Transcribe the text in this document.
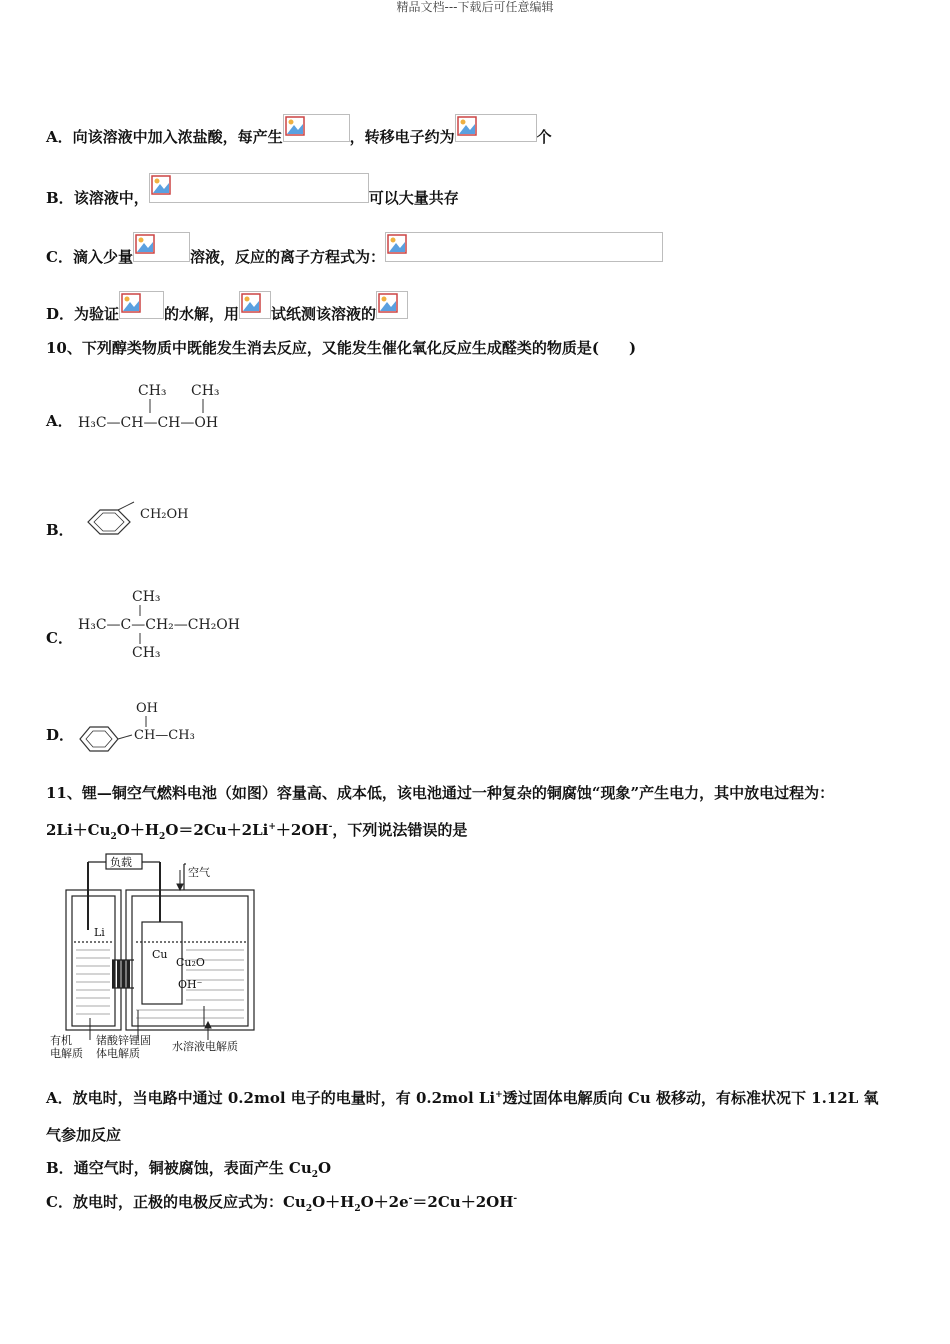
精品文档---下载后可任意编辑
A．向该溶液中加入浓盐酸，每产生	，转移电子约为	个
B．该溶液中，	可以大量共存
C．滴入少量	溶液，反应的离子方程式为：
D．为验证	的水解，用 试纸测该溶液的
10、下列醇类物质中既能发生消去反应，又能发生催化氧化反应生成醛类的物质是(　　)
A．
CH₃ CH₃
H₃C—CH—CH—OH
B．
CH₂OH
C．
CH₃
H₃C—C—CH₂—CH₂OH
CH₃
D．
OH
CH—CH₃
11、锂—铜空气燃料电池（如图）容量高、成本低，该电池通过一种复杂的铜腐蚀“现象”产生电力，其中放电过程为：
$2Li+Cu_2O+H_2O=2Cu+2Li^++2OH^-$，下列说法错误的是
负载
空气
Li
Cu
Cu₂O
OH⁻
有机
电解质
锗酸锌锂固
体电解质
水溶液电解质
A．放电时，当电路中通过 0.2mol 电子的电量时，有 0.2mol Li+透过固体电解质向 Cu 极移动，有标准状况下 1.12L 氧
气参加反应
B．通空气时，铜被腐蚀，表面产生 $Cu_2O$
C．放电时，正极的电极反应式为：$Cu_2O+H_2O+2e^-=2Cu+2OH^-$
